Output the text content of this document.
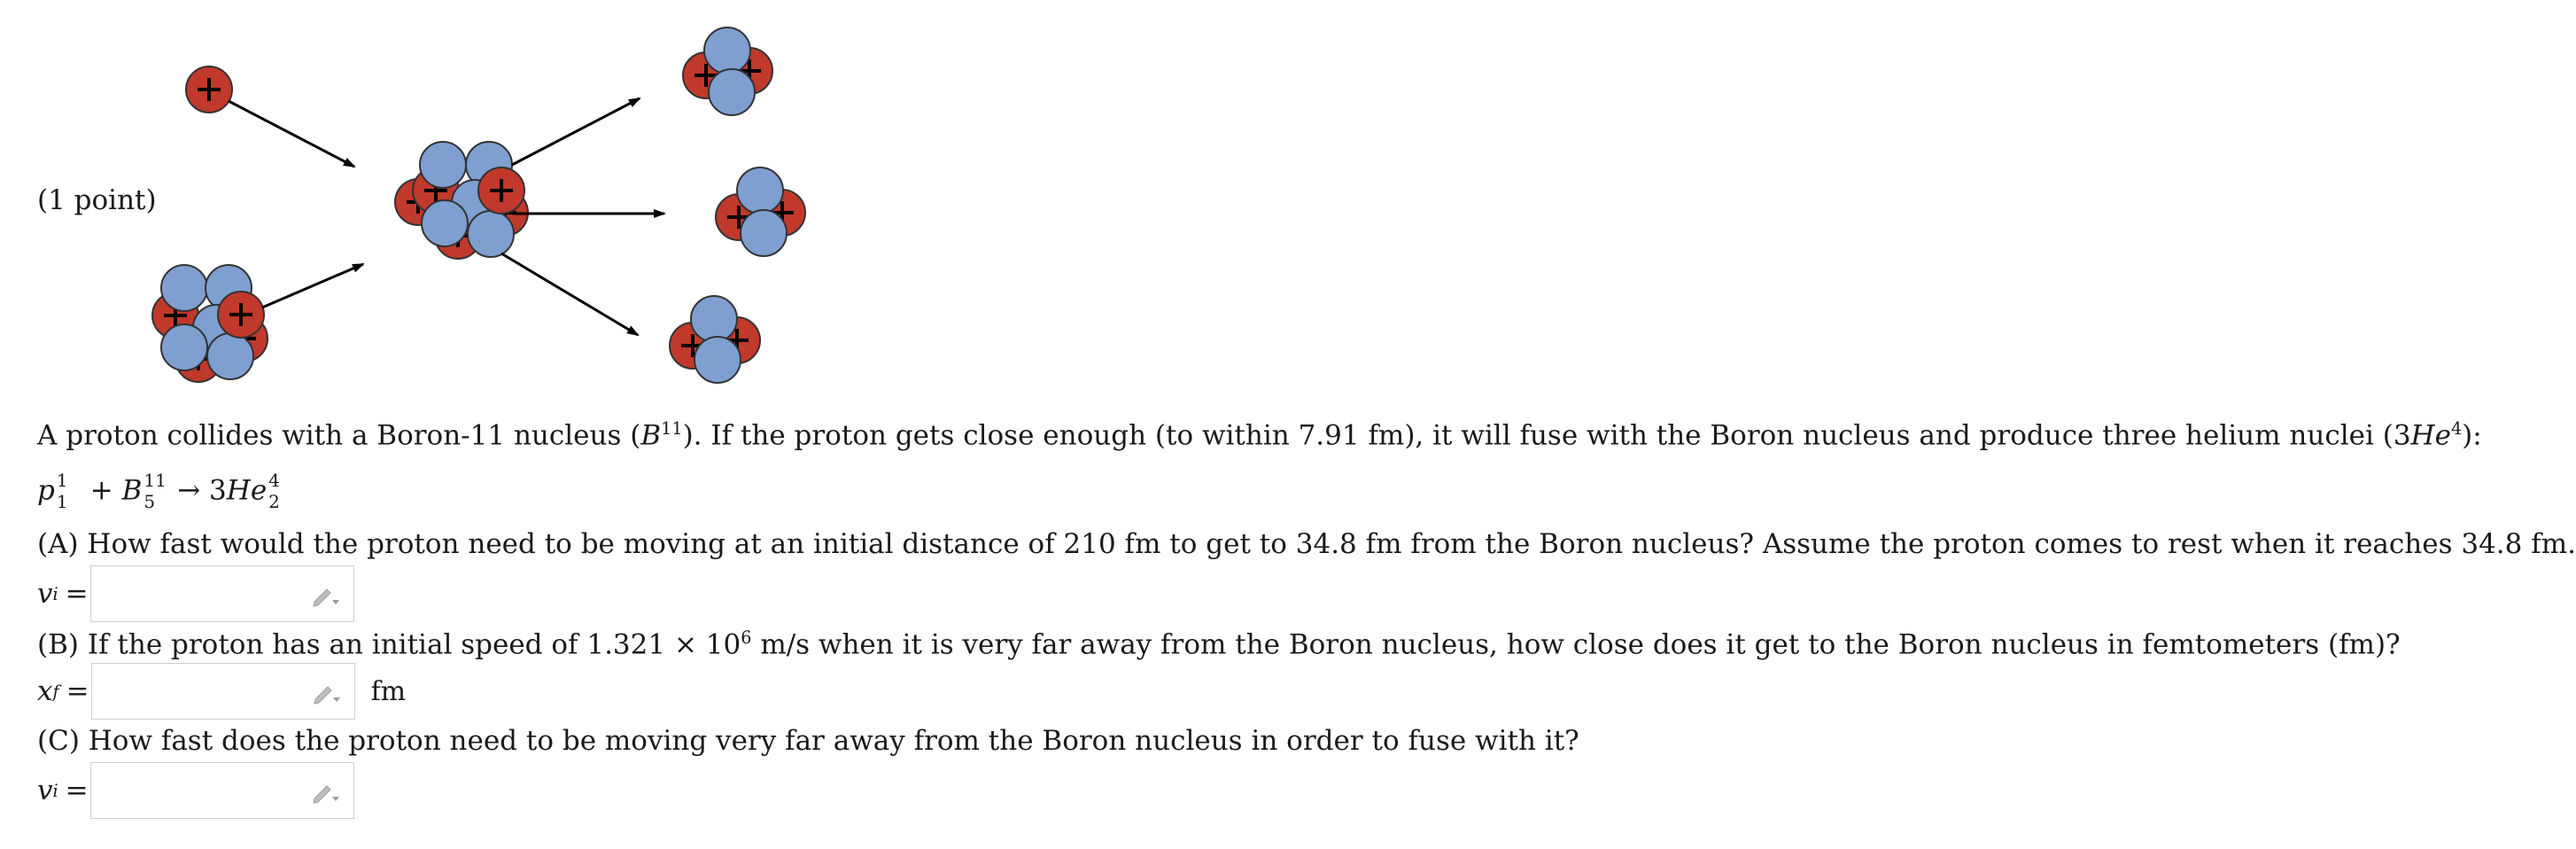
(1 point)
A proton collides with a Boron-11 nucleus $(B^{11})$. If the proton gets close enough (to within 7.91 fm), it will fuse with the Boron nucleus and produce three helium nuclei (3He$^4$):
p 1
1 + B 11
5 → 3He 4
2
(A) How fast would the proton need to be moving at an initial distance of 210 fm to get to 34.8 fm from the Boron nucleus? Assume the proton comes to rest when it reaches 34.8 fm.
v i =
(B) If the proton has an initial speed of $1.321 \times 10^6$ m/s when it is very far away from the Boron nucleus, how close does it get to the Boron nucleus in femtometers (fm)?
x f =	fm
(C) How fast does the proton need to be moving very far away from the Boron nucleus in order to fuse with it?
v i =
